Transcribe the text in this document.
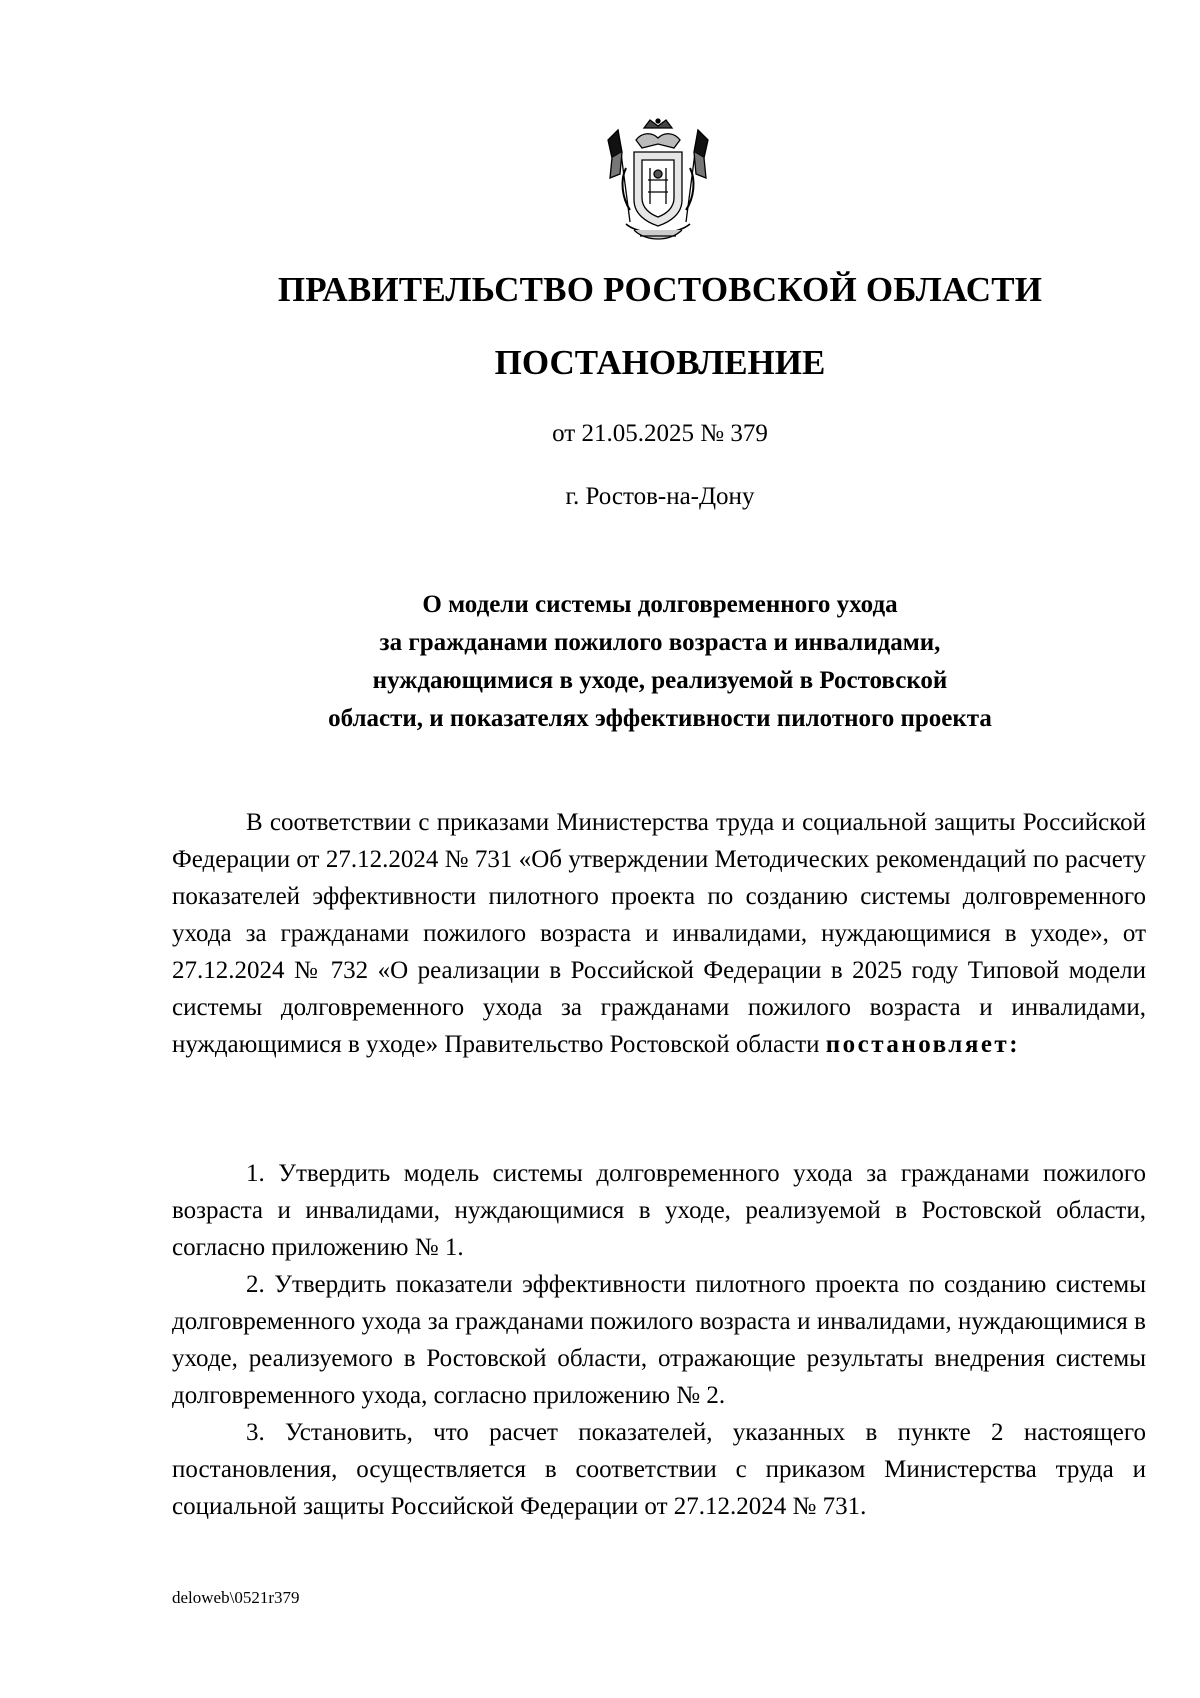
ПРАВИТЕЛЬСТВО РОСТОВСКОЙ ОБЛАСТИ
ПОСТАНОВЛЕНИЕ
от 21.05.2025 № 379
г. Ростов-на-Дону
О модели системы долговременного ухода
за гражданами пожилого возраста и инвалидами,
нуждающимися в уходе, реализуемой в Ростовской
области, и показателях эффективности пилотного проекта

В соответствии с приказами Министерства труда и социальной защиты Российской Федерации от 27.12.2024 № 731 «Об утверждении Методических рекомендаций по расчету показателей эффективности пилотного проекта по созданию системы долговременного ухода за гражданами пожилого возраста и инвалидами, нуждающимися в уходе», от 27.12.2024 № 732 «О реализации в Российской Федерации в 2025 году Типовой модели системы долговременного ухода за гражданами пожилого возраста и инвалидами, нуждающимися в уходе» Правительство Ростовской области постановляет:

1. Утвердить модель системы долговременного ухода за гражданами пожилого возраста и инвалидами, нуждающимися в уходе, реализуемой в Ростовской области, согласно приложению № 1.

2. Утвердить показатели эффективности пилотного проекта по созданию системы долговременного ухода за гражданами пожилого возраста и инвалидами, нуждающимися в уходе, реализуемого в Ростовской области, отражающие результаты внедрения системы долговременного ухода, согласно приложению № 2.

3. Установить, что расчет показателей, указанных в пункте 2 настоящего постановления, осуществляется в соответствии с приказом Министерства труда и социальной защиты Российской Федерации от 27.12.2024 № 731.

deloweb\0521r379
